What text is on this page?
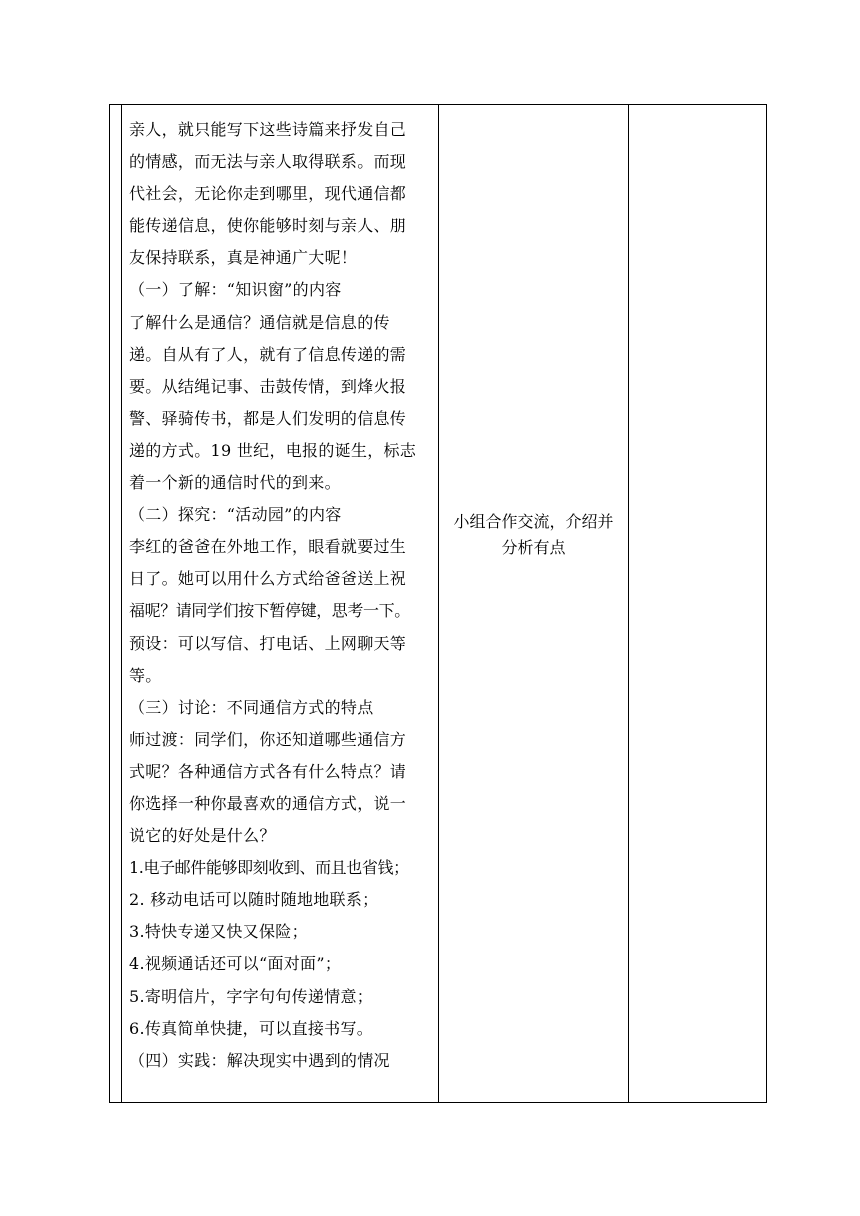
亲人，就只能写下这些诗篇来抒发自己
的情感，而无法与亲人取得联系。而现
代社会，无论你走到哪里，现代通信都
能传递信息，使你能够时刻与亲人、朋
友保持联系，真是神通广大呢！
（一）了解：“知识窗”的内容
了解什么是通信？通信就是信息的传
递。自从有了人，就有了信息传递的需
要。从结绳记事、击鼓传情，到烽火报
警、驿骑传书，都是人们发明的信息传
递的方式。19 世纪，电报的诞生，标志
着一个新的通信时代的到来。
（二）探究：“活动园”的内容
李红的爸爸在外地工作，眼看就要过生
日了。她可以用什么方式给爸爸送上祝
福呢？请同学们按下暂停键，思考一下。
预设：可以写信、打电话、上网聊天等
等。
（三）讨论：不同通信方式的特点
师过渡：同学们，你还知道哪些通信方
式呢？各种通信方式各有什么特点？请
你选择一种你最喜欢的通信方式，说一
说它的好处是什么？
1.电子邮件能够即刻收到、而且也省钱；
2. 移动电话可以随时随地地联系；
3.特快专递又快又保险；
4.视频通话还可以“面对面”；
5.寄明信片，字字句句传递情意；
6.传真简单快捷，可以直接书写。
（四）实践：解决现实中遇到的情况
小组合作交流，介绍并
分析有点
